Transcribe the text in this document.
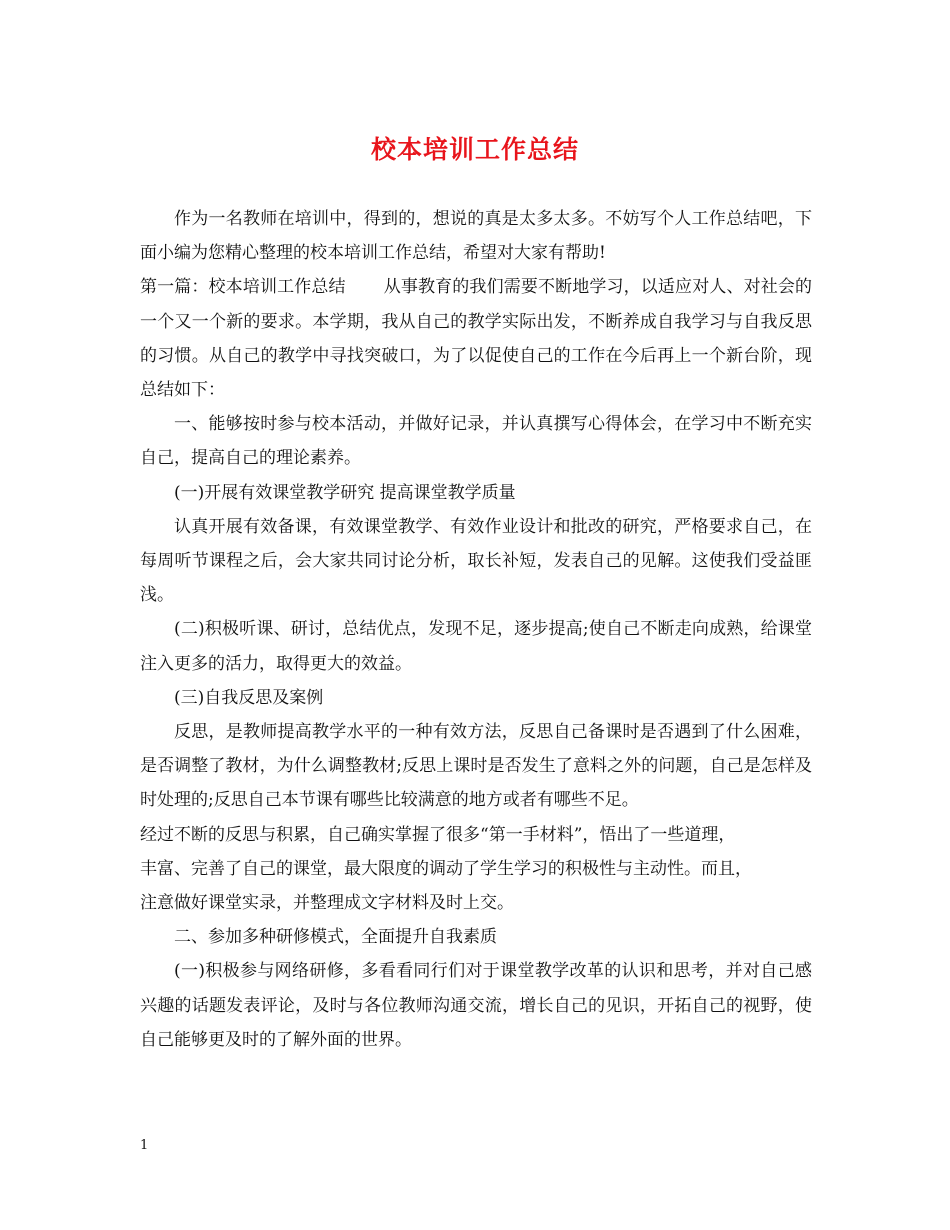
校本培训工作总结

作为一名教师在培训中，得到的，想说的真是太多太多。不妨写个人工作总结吧，下面小编为您精心整理的校本培训工作总结，希望对大家有帮助!

第一篇：校本培训工作总结 从事教育的我们需要不断地学习，以适应对人、对社会的一个又一个新的要求。本学期，我从自己的教学实际出发，不断养成自我学习与自我反思的习惯。从自己的教学中寻找突破口，为了以促使自己的工作在今后再上一个新台阶，现总结如下：

一、能够按时参与校本活动，并做好记录，并认真撰写心得体会，在学习中不断充实自己，提高自己的理论素养。

(一)开展有效课堂教学研究 提高课堂教学质量

认真开展有效备课，有效课堂教学、有效作业设计和批改的研究，严格要求自己，在每周听节课程之后，会大家共同讨论分析，取长补短，发表自己的见解。这使我们受益匪浅。

(二)积极听课、研讨，总结优点，发现不足，逐步提高;使自己不断走向成熟，给课堂注入更多的活力，取得更大的效益。

(三)自我反思及案例

反思，是教师提高教学水平的一种有效方法，反思自己备课时是否遇到了什么困难，是否调整了教材，为什么调整教材;反思上课时是否发生了意料之外的问题，自己是怎样及时处理的;反思自己本节课有哪些比较满意的地方或者有哪些不足。

经过不断的反思与积累，自己确实掌握了很多“第一手材料”，悟出了一些道理，

丰富、完善了自己的课堂，最大限度的调动了学生学习的积极性与主动性。而且，

注意做好课堂实录，并整理成文字材料及时上交。

二、参加多种研修模式，全面提升自我素质

(一)积极参与网络研修，多看看同行们对于课堂教学改革的认识和思考，并对自己感兴趣的话题发表评论，及时与各位教师沟通交流，增长自己的见识，开拓自己的视野，使自己能够更及时的了解外面的世界。

1
